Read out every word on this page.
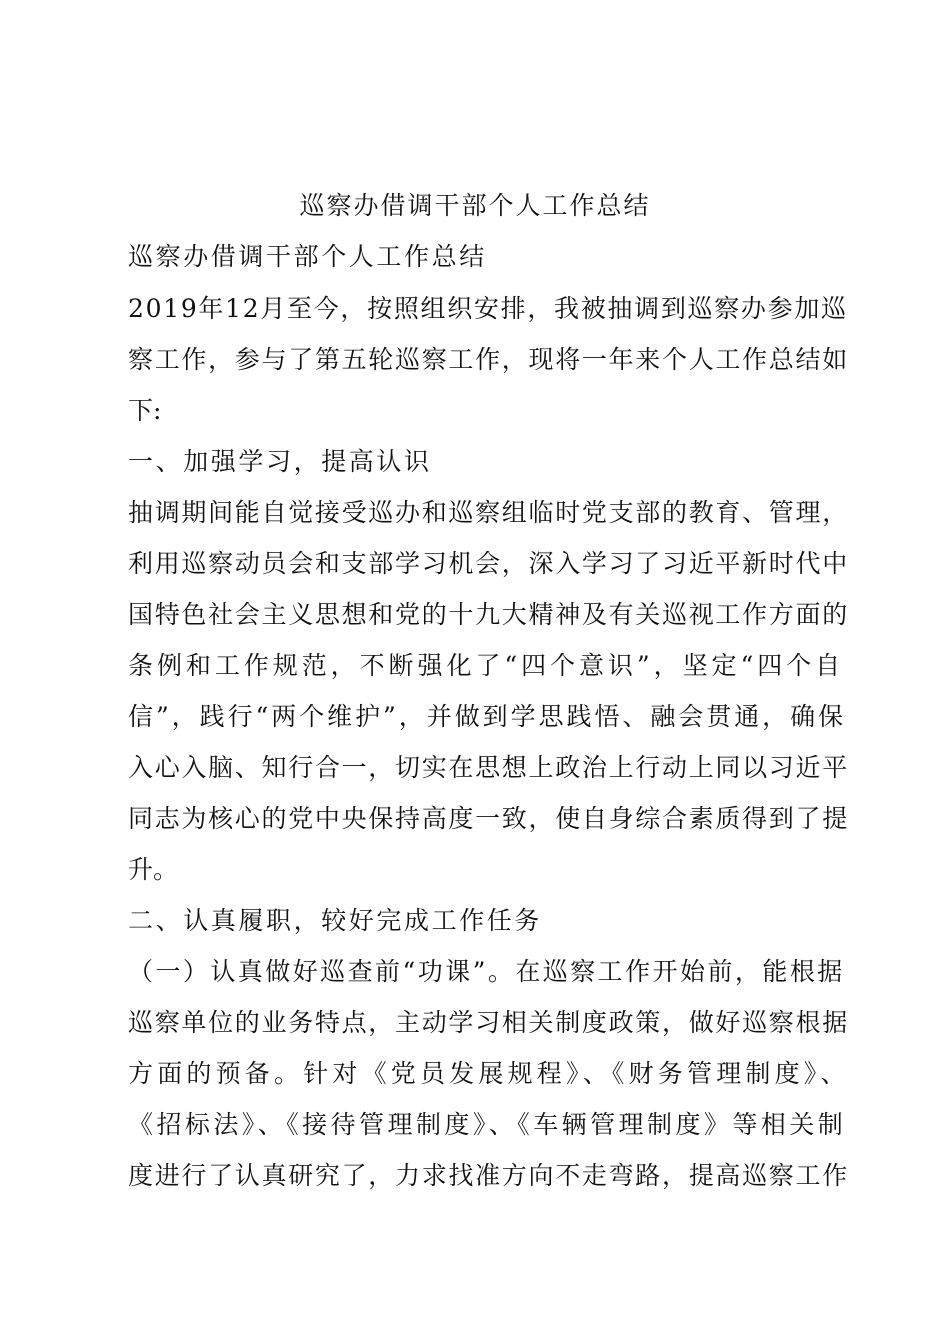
巡察办借调干部个人工作总结
巡察办借调干部个人工作总结
2019年12月至今，按照组织安排，我被抽调到巡察办参加巡
察工作，参与了第五轮巡察工作，现将一年来个人工作总结如
下:
一、加强学习，提高认识
抽调期间能自觉接受巡办和巡察组临时党支部的教育、管理，
利用巡察动员会和支部学习机会，深入学习了习近平新时代中
国特色社会主义思想和党的十九大精神及有关巡视工作方面的
条例和工作规范，不断强化了“四个意识”，坚定“四个自
信”，践行“两个维护”，并做到学思践悟、融会贯通，确保
入心入脑、知行合一，切实在思想上政治上行动上同以习近平
同志为核心的党中央保持高度一致，使自身综合素质得到了提
升。
二、认真履职，较好完成工作任务
（一）认真做好巡查前“功课”。在巡察工作开始前，能根据
巡察单位的业务特点，主动学习相关制度政策，做好巡察根据
方面的预备。针对《党员发展规程》、《财务管理制度》、
《招标法》、《接待管理制度》、《车辆管理制度》等相关制
度进行了认真研究了，力求找准方向不走弯路，提高巡察工作
